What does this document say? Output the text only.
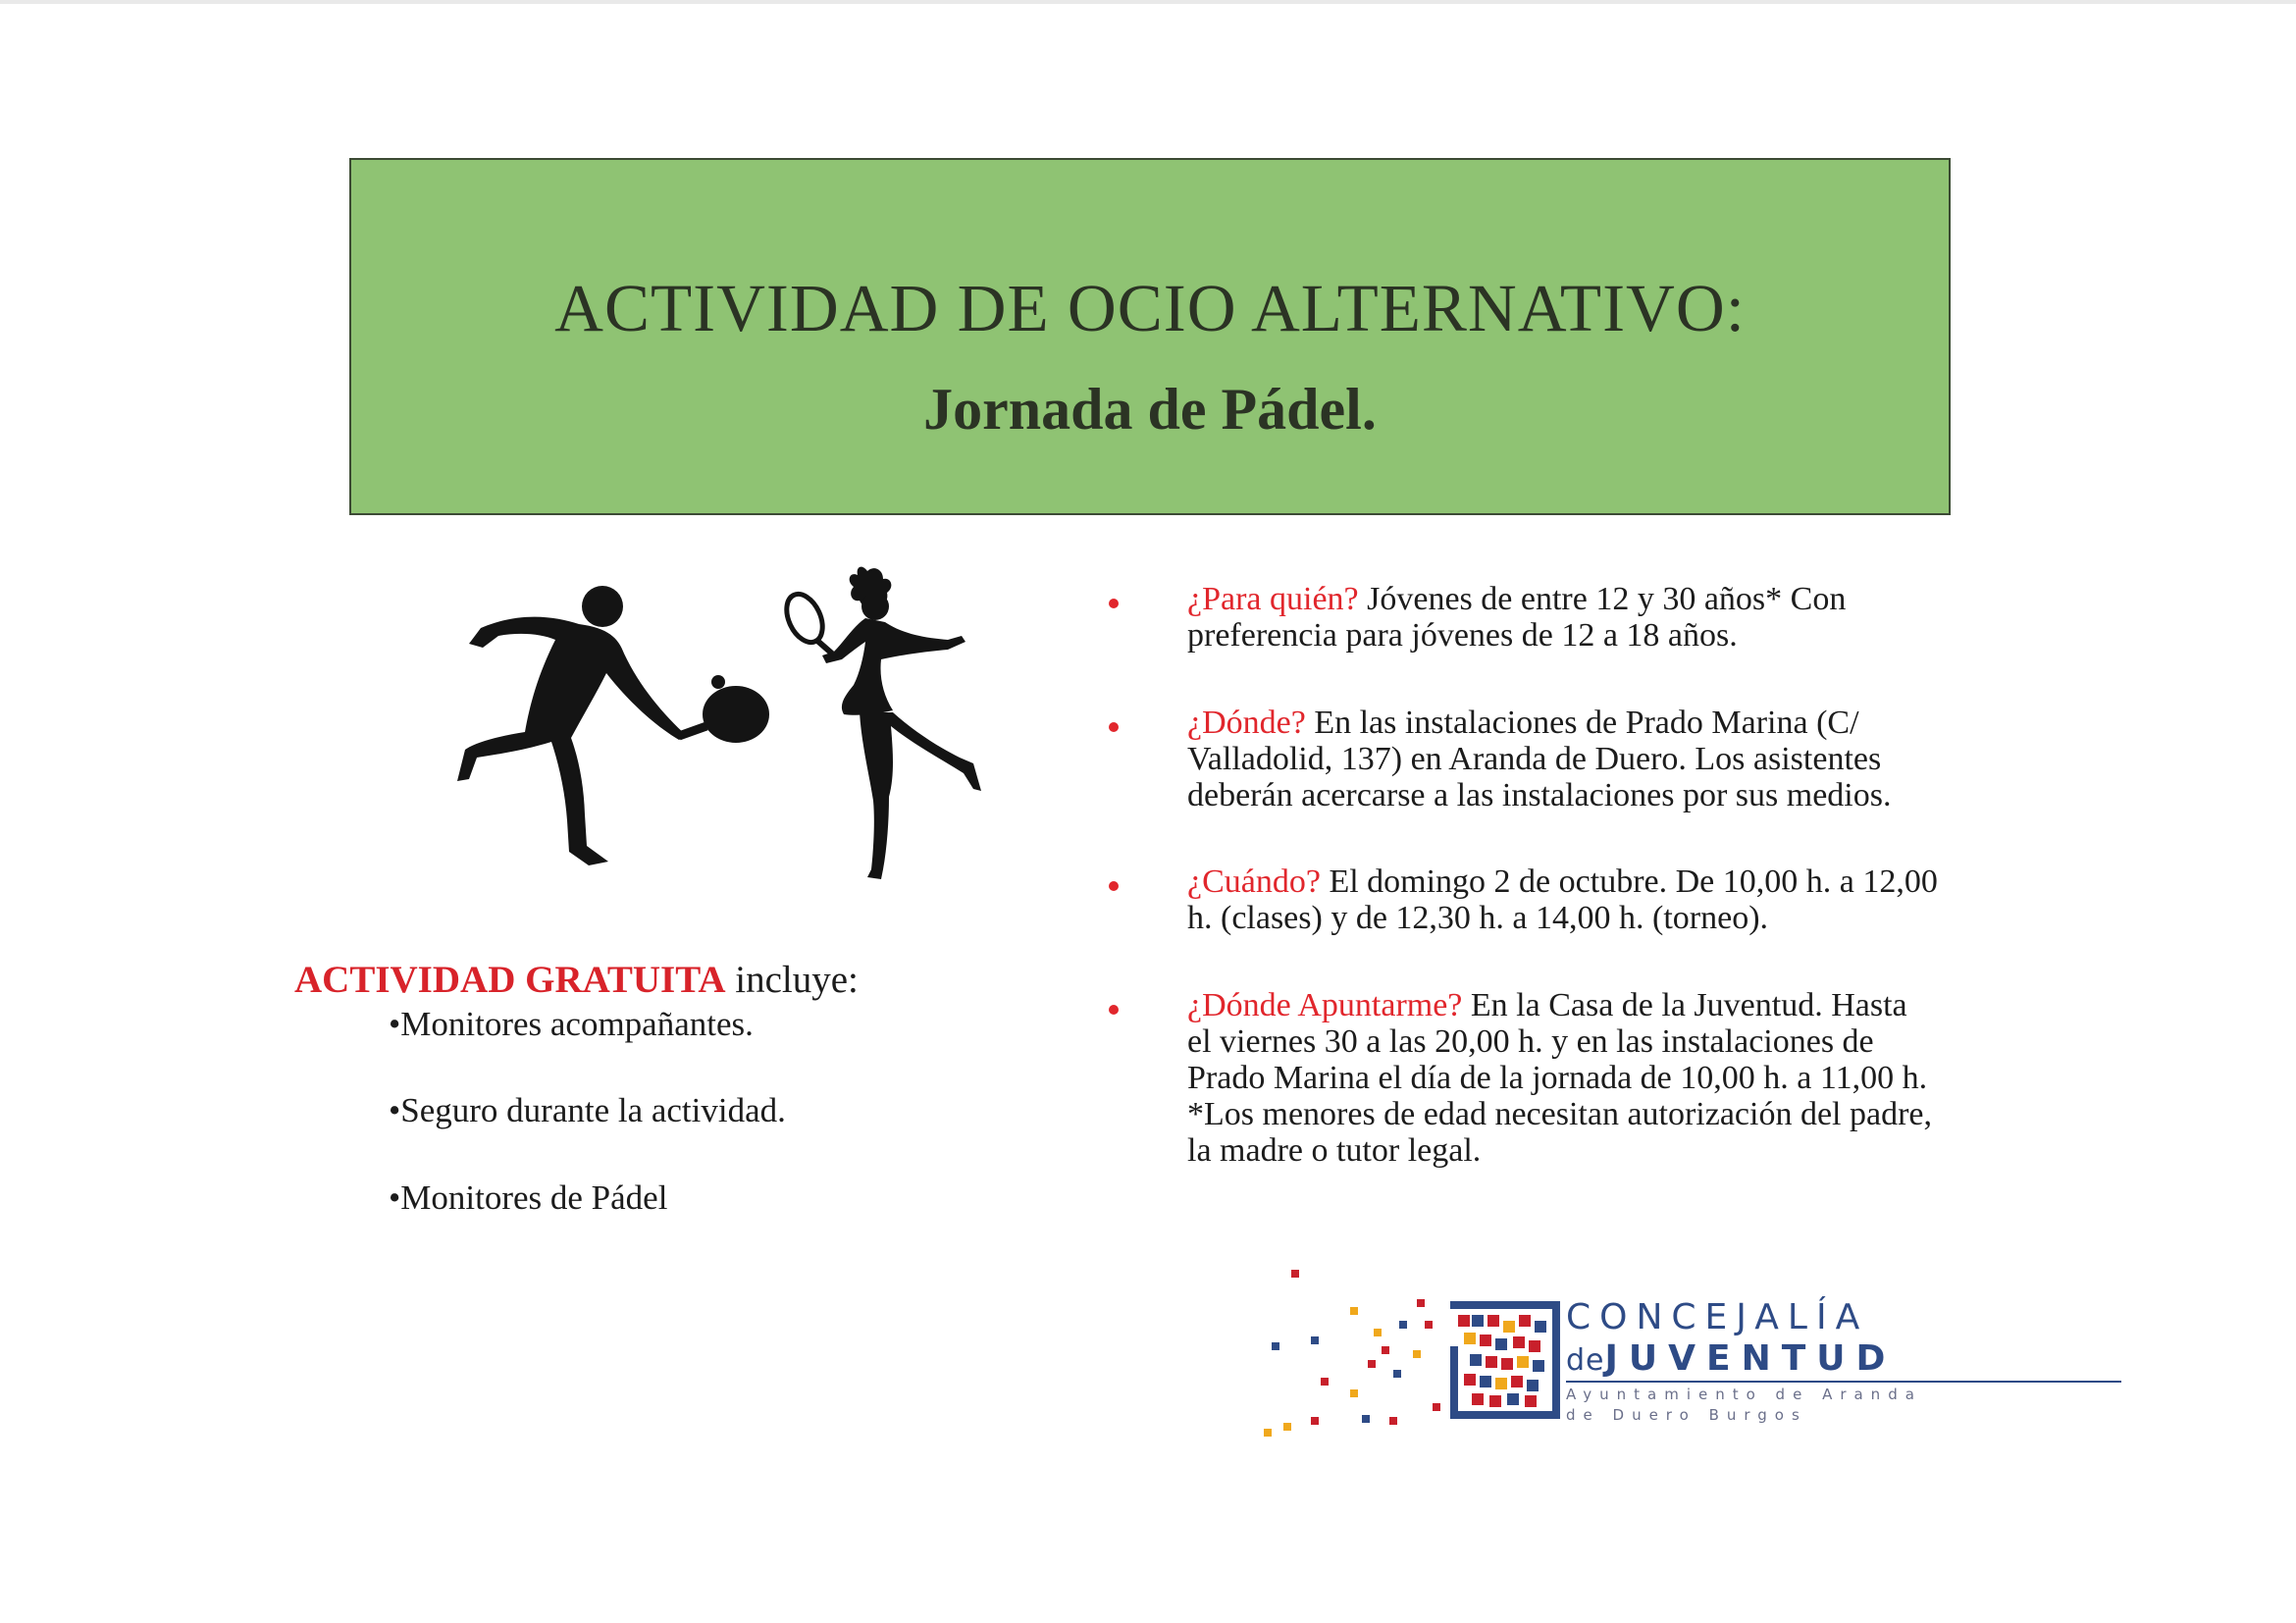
ACTIVIDAD DE OCIO ALTERNATIVO:
Jornada de Pádel.
ACTIVIDAD GRATUITA incluye:
•Monitores acompañantes.
•Seguro durante la actividad.
•Monitores de Pádel
¿Para quién? Jóvenes de entre 12 y 30 años* Con
preferencia para jóvenes de 12 a 18 años.
¿Dónde? En las instalaciones de Prado Marina (C/
Valladolid, 137) en Aranda de Duero. Los asistentes
deberán acercarse a las instalaciones por sus medios.
¿Cuándo? El domingo 2 de octubre. De 10,00 h. a 12,00
h. (clases) y de 12,30 h. a 14,00 h. (torneo).
¿Dónde Apuntarme? En la Casa de la Juventud. Hasta
el viernes 30 a las 20,00 h. y en las instalaciones de
Prado Marina el día de la jornada de 10,00 h. a 11,00 h.
*Los menores de edad necesitan autorización del padre,
la madre o tutor legal.
CONCEJALÍA
deJUVENTUD
Ayuntamiento de Aranda
de Duero Burgos
